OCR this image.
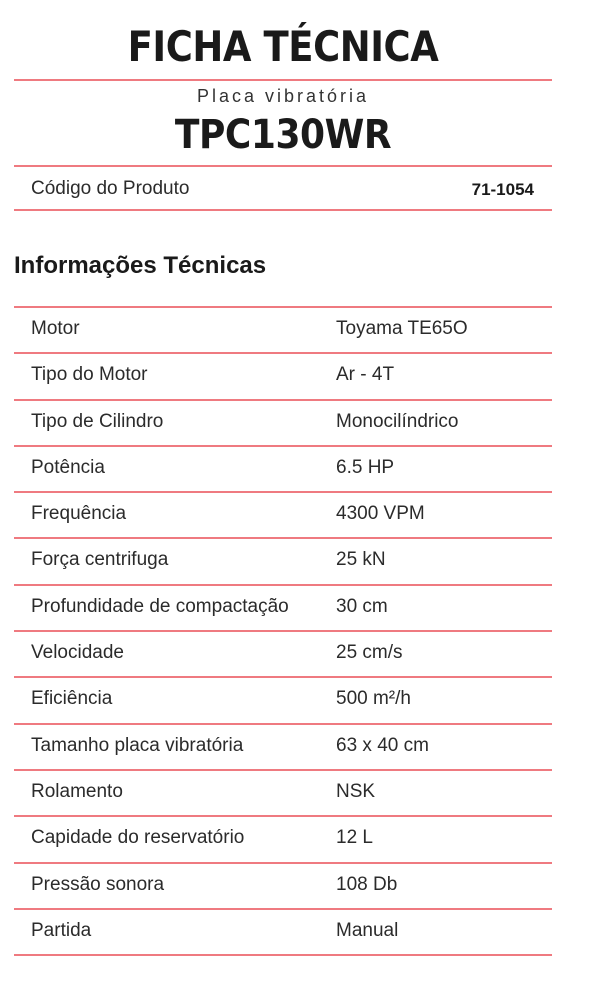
FICHA TÉCNICA
Placa vibratória
TPC130WR
Código do Produto	71-1054
Informações Técnicas
Motor	Toyama TE65O
Tipo do Motor	Ar - 4T
Tipo de Cilindro	Monocilíndrico
Potência	6.5 HP
Frequência	4300 VPM
Força centrifuga	25 kN
Profundidade de compactação 30 cm
Velocidade	25 cm/s
Eficiência	500 m²/h
Tamanho placa vibratória	63 x 40 cm
Rolamento	NSK
Capidade do reservatório	12 L
Pressão sonora	108 Db
Partida	Manual
